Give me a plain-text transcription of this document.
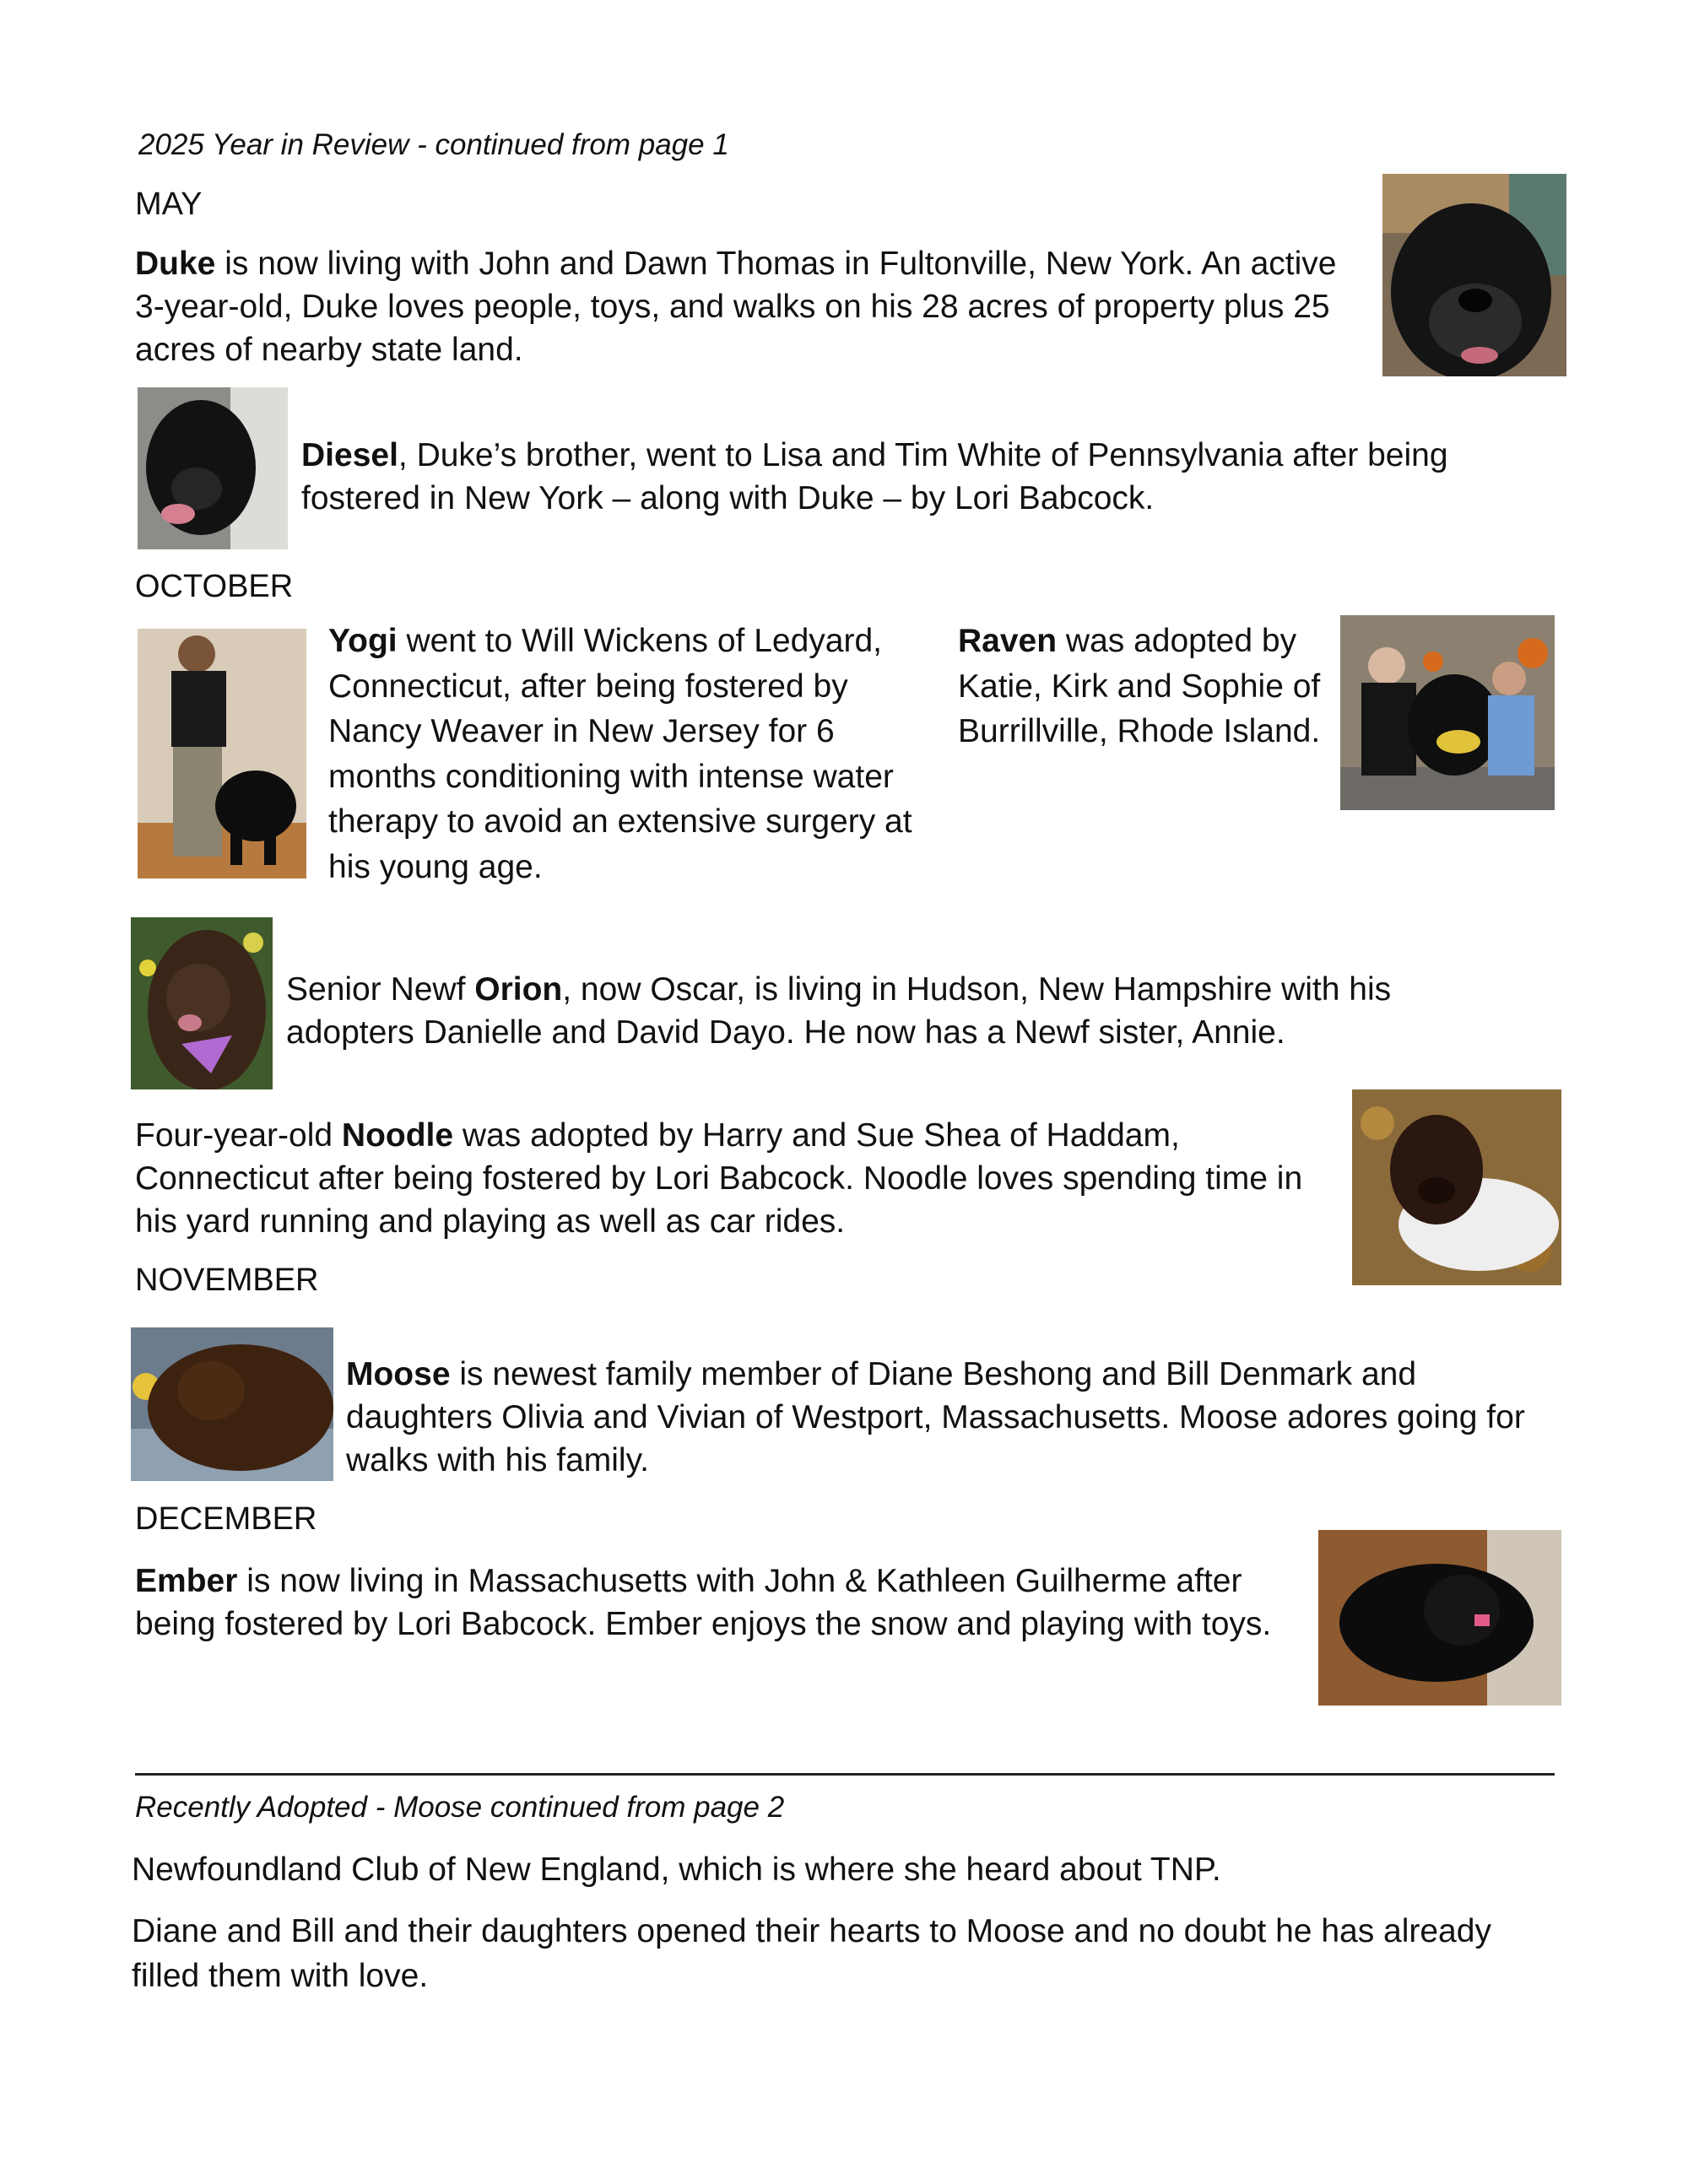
2025 Year in Review - continued from page 1
MAY

Duke is now living with John and Dawn Thomas in Fultonville, New York. An active 3-year-old, Duke loves people, toys, and walks on his 28 acres of property plus 25 acres of nearby state land.

Diesel, Duke’s brother, went to Lisa and Tim White of Pennsylvania after being fostered in New York – along with Duke – by Lori Babcock.

OCTOBER

Yogi went to Will Wickens of Ledyard, Connecticut, after being fostered by Nancy Weaver in New Jersey for 6 months conditioning with intense water therapy to avoid an extensive surgery at his young age.

Raven was adopted by Katie, Kirk and Sophie of Burrillville, Rhode Island.

Senior Newf Orion, now Oscar, is living in Hudson, New Hampshire with his adopters Danielle and David Dayo. He now has a Newf sister, Annie.

Four-year-old Noodle was adopted by Harry and Sue Shea of Haddam, Connecticut after being fostered by Lori Babcock. Noodle loves spending time in his yard running and playing as well as car rides.

NOVEMBER

Moose is newest family member of Diane Beshong and Bill Denmark and daughters Olivia and Vivian of Westport, Massachusetts. Moose adores going for walks with his family.

DECEMBER

Ember is now living in Massachusetts with John & Kathleen Guilherme after being fostered by Lori Babcock. Ember enjoys the snow and playing with toys.

Recently Adopted - Moose continued from page 2

Newfoundland Club of New England, which is where she heard about TNP.

Diane and Bill and their daughters opened their hearts to Moose and no doubt he has already filled them with love.
